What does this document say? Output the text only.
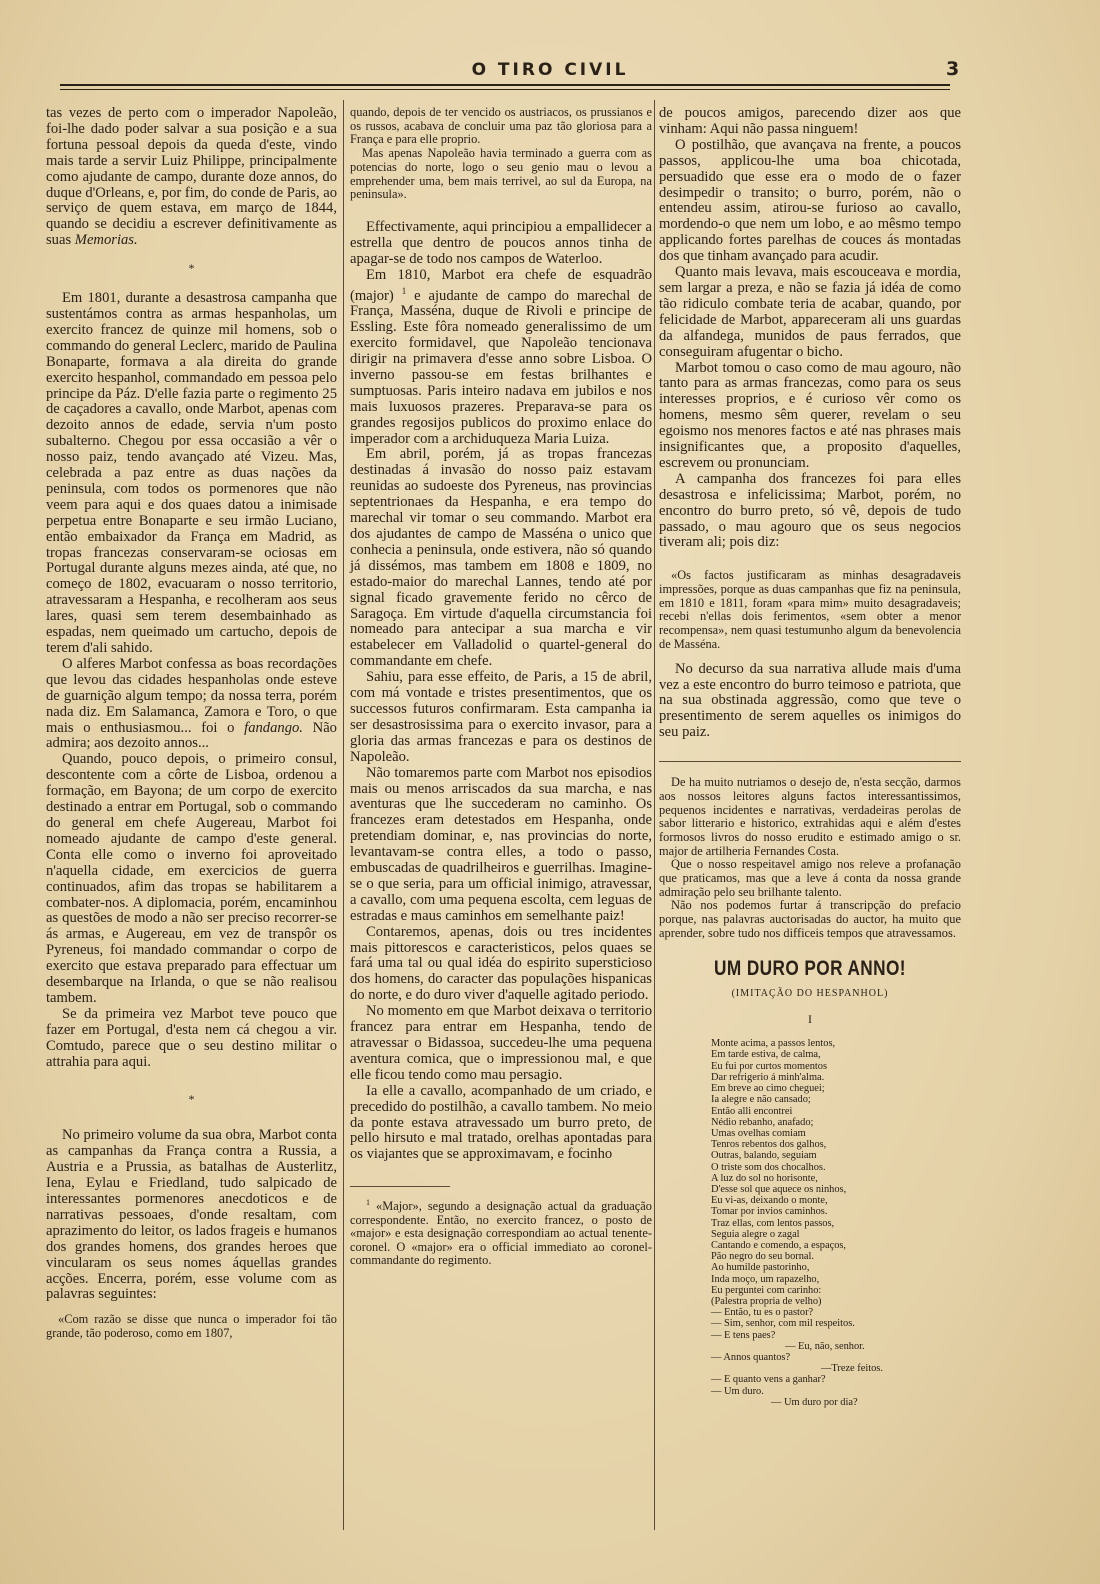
O TIRO CIVIL	3

tas vezes de perto com o imperador Napoleão, foi-lhe dado poder salvar a sua posição e a sua fortuna pessoal depois da queda d'este, vindo mais tarde a servir Luiz Philippe, principalmente como ajudante de campo, durante doze annos, do duque d'Orleans, e, por fim, do conde de Paris, ao serviço de quem estava, em março de 1844, quando se decidiu a escrever definitivamente as suas Memorias.

*

Em 1801, durante a desastrosa campanha que sustentámos contra as armas hespanholas, um exercito francez de quinze mil homens, sob o commando do general Leclerc, marido de Paulina Bonaparte, formava a ala direita do grande exercito hespanhol, commandado em pessoa pelo principe da Páz. D'elle fazia parte o regimento 25 de caçadores a cavallo, onde Marbot, apenas com dezoito annos de edade, servia n'um posto subalterno. Chegou por essa occasião a vêr o nosso paiz, tendo avançado até Vizeu. Mas, celebrada a paz entre as duas nações da peninsula, com todos os pormenores que não veem para aqui e dos quaes datou a inimisade perpetua entre Bonaparte e seu irmão Luciano, então embaixador da França em Madrid, as tropas francezas conservaram-se ociosas em Portugal durante alguns mezes ainda, até que, no começo de 1802, evacuaram o nosso territorio, atravessaram a Hespanha, e recolheram aos seus lares, quasi sem terem desembainhado as espadas, nem queimado um cartucho, depois de terem d'ali sahido.

O alferes Marbot confessa as boas recordações que levou das cidades hespanholas onde esteve de guarnição algum tempo; da nossa terra, porém nada diz. Em Salamanca, Zamora e Toro, o que mais o enthusiasmou... foi o fandango. Não admira; aos dezoito annos...

Quando, pouco depois, o primeiro consul, descontente com a côrte de Lisboa, ordenou a formação, em Bayona; de um corpo de exercito destinado a entrar em Portugal, sob o commando do general em chefe Augereau, Marbot foi nomeado ajudante de campo d'este general. Conta elle como o inverno foi aproveitado n'aquella cidade, em exercicios de guerra continuados, afim das tropas se habilitarem a combater-nos. A diplomacia, porém, encaminhou as questões de modo a não ser preciso recorrer-se ás armas, e Augereau, em vez de transpôr os Pyreneus, foi mandado commandar o corpo de exercito que estava preparado para effectuar um desembarque na Irlanda, o que se não realisou tambem.

Se da primeira vez Marbot teve pouco que fazer em Portugal, d'esta nem cá chegou a vir. Comtudo, parece que o seu destino militar o attrahia para aqui.

*

No primeiro volume da sua obra, Marbot conta as campanhas da França contra a Russia, a Austria e a Prussia, as batalhas de Austerlitz, Iena, Eylau e Friedland, tudo salpicado de interessantes pormenores anecdoticos e de narrativas pessoaes, d'onde resaltam, com aprazimento do leitor, os lados frageis e humanos dos grandes homens, dos grandes heroes que vincularam os seus nomes áquellas grandes acções. Encerra, porém, esse volume com as palavras seguintes:

«Com razão se disse que nunca o imperador foi tão grande, tão poderoso, como em 1807,

quando, depois de ter vencido os austriacos, os prussianos e os russos, acabava de concluir uma paz tão gloriosa para a França e para elle proprio.

Mas apenas Napoleão havia terminado a guerra com as potencias do norte, logo o seu genio mau o levou a emprehender uma, bem mais terrivel, ao sul da Europa, na peninsula».

Effectivamente, aqui principiou a empallidecer a estrella que dentro de poucos annos tinha de apagar-se de todo nos campos de Waterloo.

Em 1810, Marbot era chefe de esquadrão (major) $^1$ e ajudante de campo do marechal de França, Masséna, duque de Rivoli e principe de Essling. Este fôra nomeado generalissimo de um exercito formidavel, que Napoleão tencionava dirigir na primavera d'esse anno sobre Lisboa. O inverno passou-se em festas brilhantes e sumptuosas. Paris inteiro nadava em jubilos e nos mais luxuosos prazeres. Preparava-se para os grandes regosijos publicos do proximo enlace do imperador com a archiduqueza Maria Luiza.

Em abril, porém, já as tropas francezas destinadas á invasão do nosso paiz estavam reunidas ao sudoeste dos Pyreneus, nas provincias septentrionaes da Hespanha, e era tempo do marechal vir tomar o seu commando. Marbot era dos ajudantes de campo de Masséna o unico que conhecia a peninsula, onde estivera, não só quando já dissémos, mas tambem em 1808 e 1809, no estado-maior do marechal Lannes, tendo até por signal ficado gravemente ferido no cêrco de Saragoça. Em virtude d'aquella circumstancia foi nomeado para antecipar a sua marcha e vir estabelecer em Valladolid o quartel-general do commandante em chefe.

Sahiu, para esse effeito, de Paris, a 15 de abril, com má vontade e tristes presentimentos, que os successos futuros confirmaram. Esta campanha ia ser desastrosissima para o exercito invasor, para a gloria das armas francezas e para os destinos de Napoleão.

Não tomaremos parte com Marbot nos episodios mais ou menos arriscados da sua marcha, e nas aventuras que lhe succederam no caminho. Os francezes eram detestados em Hespanha, onde pretendiam dominar, e, nas provincias do norte, levantavam-se contra elles, a todo o passo, embuscadas de quadrilheiros e guerrilhas. Imagine-se o que seria, para um official inimigo, atravessar, a cavallo, com uma pequena escolta, cem leguas de estradas e maus caminhos em semelhante paiz!

Contaremos, apenas, dois ou tres incidentes mais pittorescos e caracteristicos, pelos quaes se fará uma tal ou qual idéa do espirito supersticioso dos homens, do caracter das populações hispanicas do norte, e do duro viver d'aquelle agitado periodo.

No momento em que Marbot deixava o territorio francez para entrar em Hespanha, tendo de atravessar o Bidassoa, succedeu-lhe uma pequena aventura comica, que o impressionou mal, e que elle ficou tendo como mau persagio.

Ia elle a cavallo, acompanhado de um criado, e precedido do postilhão, a cavallo tambem. No meio da ponte estava atravessado um burro preto, de pello hirsuto e mal tratado, orelhas apontadas para os viajantes que se approximavam, e focinho

$^1$ «Major», segundo a designação actual da graduação correspondente. Então, no exercito francez, o posto de «major» e esta designação correspondiam ao actual tenente-coronel. O «major» era o official immediato ao coronel-commandante do regimento.

de poucos amigos, parecendo dizer aos que vinham: Aqui não passa ninguem!

O postilhão, que avançava na frente, a poucos passos, applicou-lhe uma boa chicotada, persuadido que esse era o modo de o fazer desimpedir o transito; o burro, porém, não o entendeu assim, atirou-se furioso ao cavallo, mordendo-o que nem um lobo, e ao mêsmo tempo applicando fortes parelhas de couces ás montadas dos que tinham avançado para acudir.

Quanto mais levava, mais escouceava e mordia, sem largar a preza, e não se fazia já idéa de como tão ridiculo combate teria de acabar, quando, por felicidade de Marbot, appareceram ali uns guardas da alfandega, munidos de paus ferrados, que conseguiram afugentar o bicho.

Marbot tomou o caso como de mau agouro, não tanto para as armas francezas, como para os seus interesses proprios, e é curioso vêr como os homens, mesmo sêm querer, revelam o seu egoismo nos menores factos e até nas phrases mais insignificantes que, a proposito d'aquelles, escrevem ou pronunciam.

A campanha dos francezes foi para elles desastrosa e infelicissima; Marbot, porém, no encontro do burro preto, só vê, depois de tudo passado, o mau agouro que os seus negocios tiveram ali; pois diz:

«Os factos justificaram as minhas desagradaveis impressões, porque as duas campanhas que fiz na peninsula, em 1810 e 1811, foram «para mim» muito desagradaveis; recebi n'ellas dois ferimentos, «sem obter a menor recompensa», nem quasi testumunho algum da benevolencia de Masséna.

No decurso da sua narrativa allude mais d'uma vez a este encontro do burro teimoso e patriota, que na sua obstinada aggressão, como que teve o presentimento de serem aquelles os inimigos do seu paiz.

De ha muito nutriamos o desejo de, n'esta secção, darmos aos nossos leitores alguns factos interessantissimos, pequenos incidentes e narrativas, verdadeiras perolas de sabor litterario e historico, extrahidas aqui e além d'estes formosos livros do nosso erudito e estimado amigo o sr. major de artilheria Fernandes Costa.

Que o nosso respeitavel amigo nos releve a profanação que praticamos, mas que a leve á conta da nossa grande admiração pelo seu brilhante talento.

Não nos podemos furtar á transcripção do prefacio porque, nas palavras auctorisadas do auctor, ha muito que aprender, sobre tudo nos difficeis tempos que atravessamos.

UM DURO POR ANNO!
(IMITAÇÃO DO HESPANHOL)
I
Monte acima, a passos lentos,
Em tarde estiva, de calma,
Eu fui por curtos momentos
Dar refrigerio á minh'alma.
Em breve ao cimo cheguei;
Ia alegre e não cansado;
Então alli encontrei
Nédio rebanho, anafado;
Umas ovelhas comiam
Tenros rebentos dos galhos,
Outras, balando, seguiam
O triste som dos chocalhos.
A luz do sol no horisonte,
D'esse sol que aquece os ninhos,
Eu vi-as, deixando o monte,
Tomar por invios caminhos.
Traz ellas, com lentos passos,
Seguia alegre o zagal
Cantando e comendo, a espaços,
Pão negro do seu bornal.
Ao humilde pastorinho,
Inda moço, um rapazelho,
Eu perguntei com carinho:
(Palestra propria de velho)
— Então, tu es o pastor?
— Sim, senhor, com mil respeitos.
— E tens paes?
— Eu, não, senhor.
— Annos quantos?
—Treze feitos.
— E quanto vens a ganhar?
— Um duro.
— Um duro por dia?
